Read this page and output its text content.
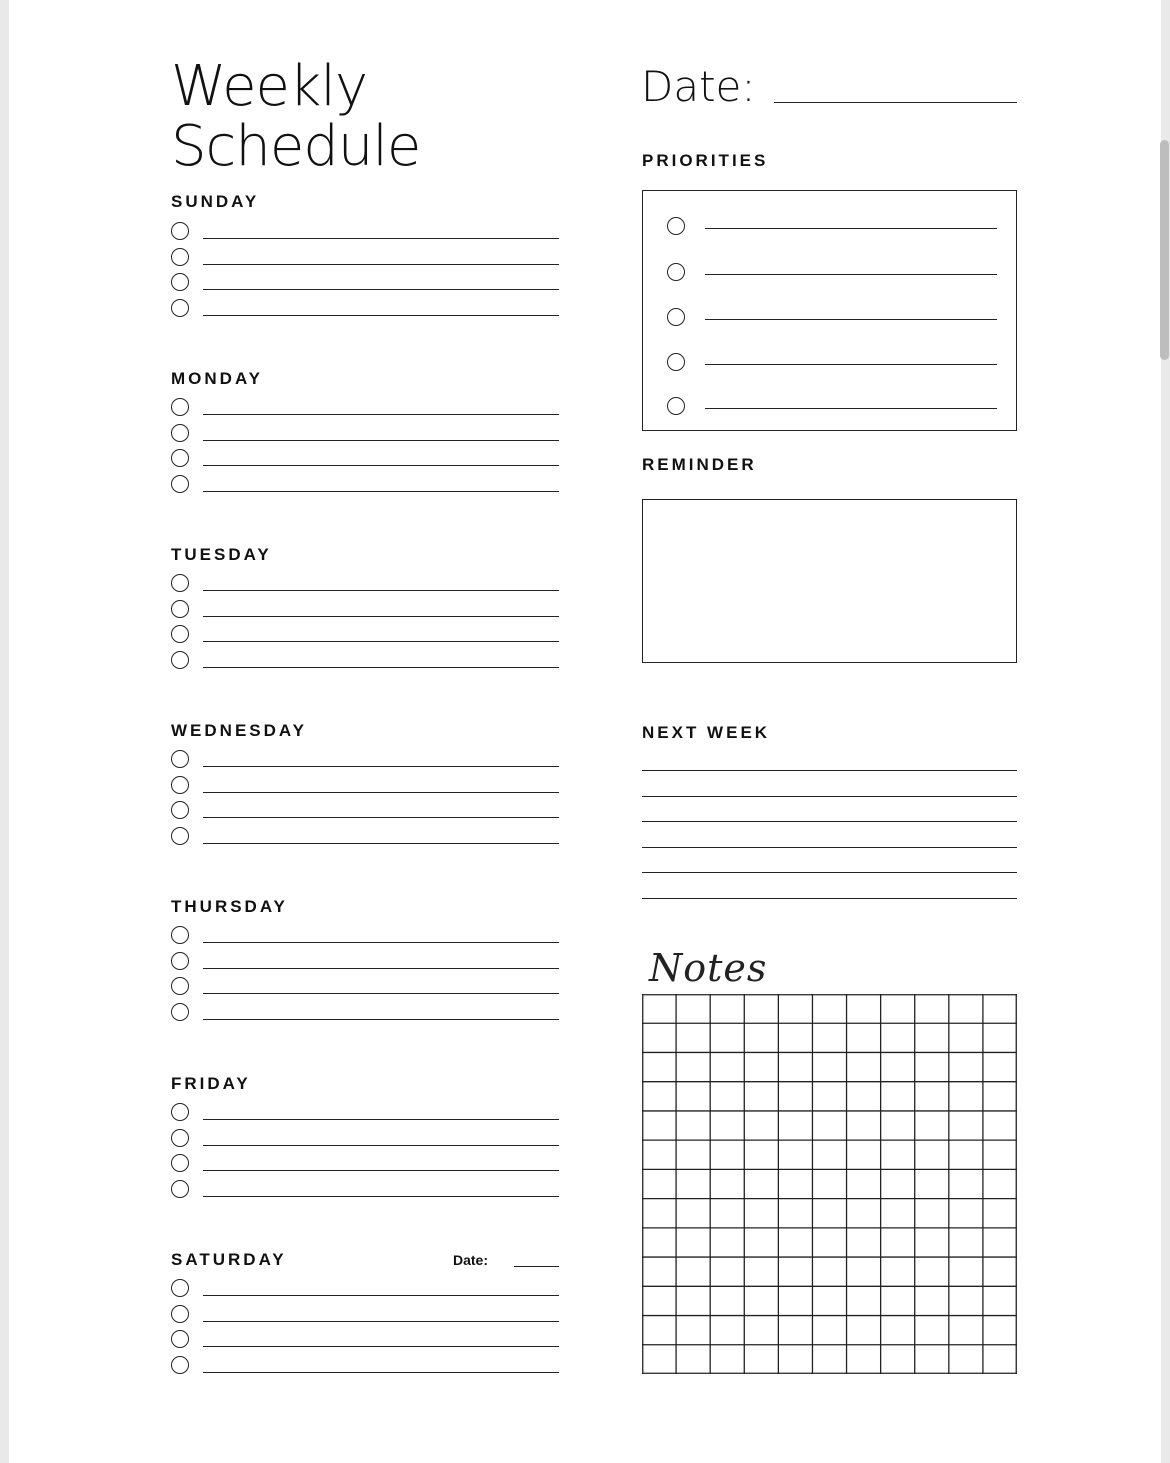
Weekly
Schedule
Date:
SUNDAY
MONDAY
TUESDAY
WEDNESDAY
THURSDAY
FRIDAY
SATURDAY	Date:
PRIORITIES
REMINDER
NEXT WEEK
Notes
